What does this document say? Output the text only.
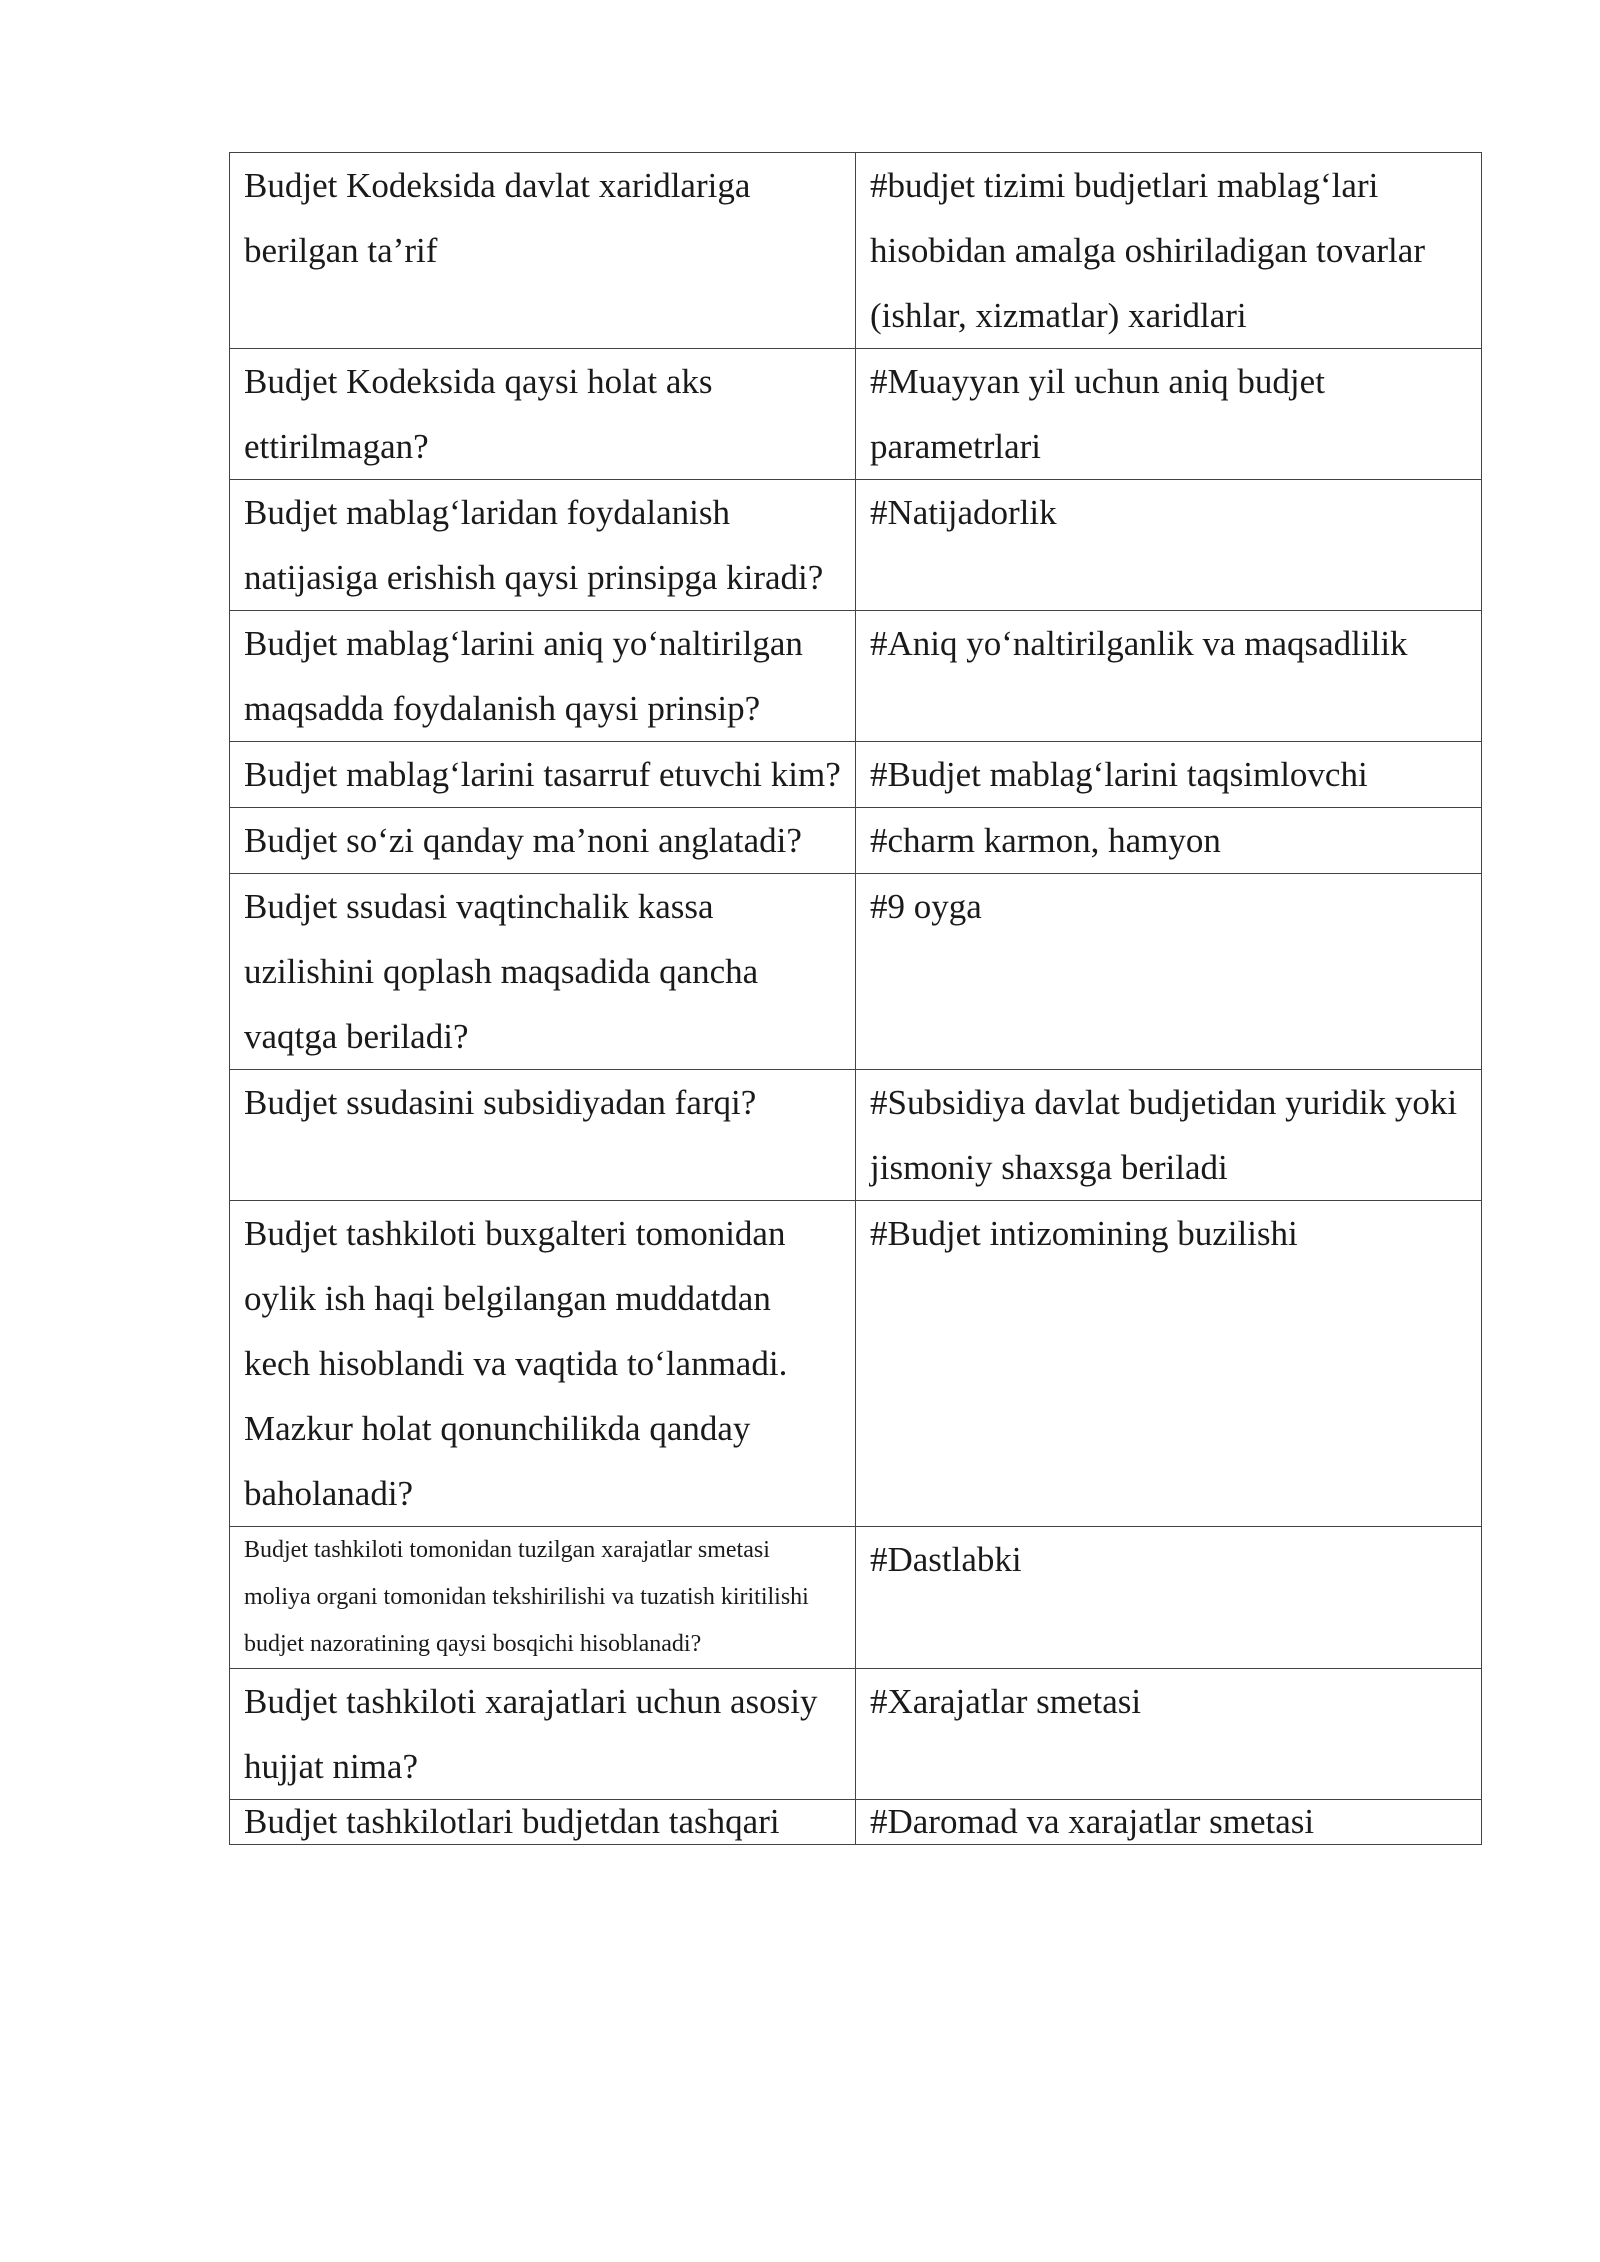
Budjet Kodeksida davlat xaridlariga berilgan ta’rif	#budjet tizimi budjetlari mablag‘lari hisobidan amalga oshiriladigan tovarlar (ishlar, xizmatlar) xaridlari
Budjet Kodeksida qaysi holat aks ettirilmagan?	#Muayyan yil uchun aniq budjet parametrlari
Budjet mablag‘laridan foydalanish natijasiga erishish qaysi prinsipga kiradi?	#Natijadorlik
Budjet mablag‘larini aniq yo‘naltirilgan maqsadda foydalanish qaysi prinsip?	#Aniq yo‘naltirilganlik va maqsadlilik
Budjet mablag‘larini tasarruf etuvchi kim?	#Budjet mablag‘larini taqsimlovchi
Budjet so‘zi qanday ma’noni anglatadi?	#charm karmon, hamyon
Budjet ssudasi vaqtinchalik kassa uzilishini qoplash maqsadida qancha vaqtga beriladi?	#9 oyga
Budjet ssudasini subsidiyadan farqi?	#Subsidiya davlat budjetidan yuridik yoki jismoniy shaxsga beriladi
Budjet tashkiloti buxgalteri tomonidan oylik ish haqi belgilangan muddatdan kech hisoblandi va vaqtida to‘lanmadi. Mazkur holat qonunchilikda qanday baholanadi?	#Budjet intizomining buzilishi
Budjet tashkiloti tomonidan tuzilgan xarajatlar smetasi moliya organi tomonidan tekshirilishi va tuzatish kiritilishi budjet nazoratining qaysi bosqichi hisoblanadi?	#Dastlabki
Budjet tashkiloti xarajatlari uchun asosiy hujjat nima?	#Xarajatlar smetasi
Budjet tashkilotlari budjetdan tashqari	#Daromad va xarajatlar smetasi
